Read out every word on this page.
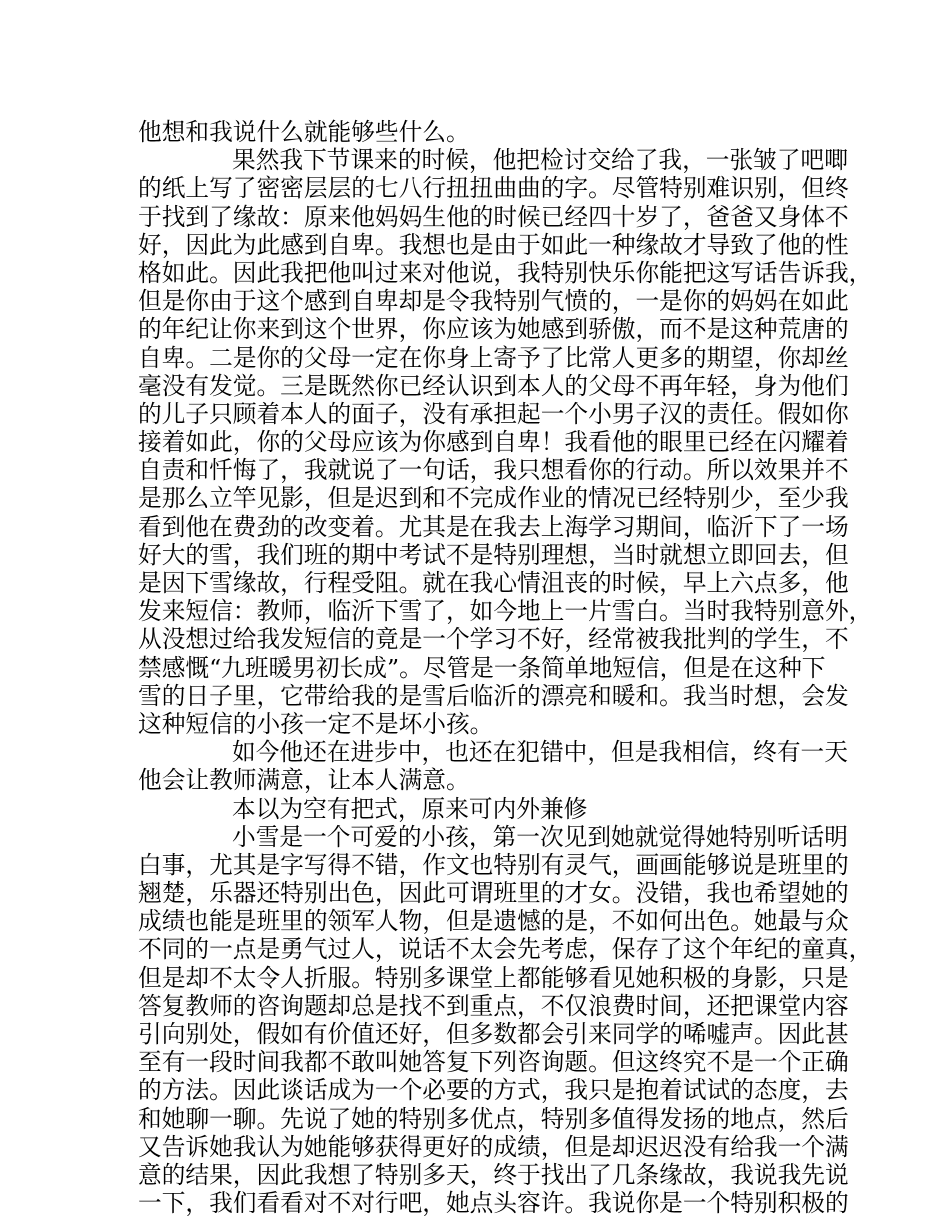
他想和我说什么就能够些什么。
果然我下节课来的时候，他把检讨交给了我，一张皱了吧唧
的纸上写了密密层层的七八行扭扭曲曲的字。尽管特别难识别，但终
于找到了缘故：原来他妈妈生他的时候已经四十岁了，爸爸又身体不
好，因此为此感到自卑。我想也是由于如此一种缘故才导致了他的性
格如此。因此我把他叫过来对他说，我特别快乐你能把这写话告诉我，
但是你由于这个感到自卑却是令我特别气愤的，一是你的妈妈在如此
的年纪让你来到这个世界，你应该为她感到骄傲，而不是这种荒唐的
自卑。二是你的父母一定在你身上寄予了比常人更多的期望，你却丝
毫没有发觉。三是既然你已经认识到本人的父母不再年轻，身为他们
的儿子只顾着本人的面子，没有承担起一个小男子汉的责任。假如你
接着如此，你的父母应该为你感到自卑！我看他的眼里已经在闪耀着
自责和忏悔了，我就说了一句话，我只想看你的行动。所以效果并不
是那么立竿见影，但是迟到和不完成作业的情况已经特别少，至少我
看到他在费劲的改变着。尤其是在我去上海学习期间，临沂下了一场
好大的雪，我们班的期中考试不是特别理想，当时就想立即回去，但
是因下雪缘故，行程受阻。就在我心情沮丧的时候，早上六点多，他
发来短信：教师，临沂下雪了，如今地上一片雪白。当时我特别意外，
从没想过给我发短信的竟是一个学习不好，经常被我批判的学生，不
禁感慨“九班暖男初长成”。尽管是一条简单地短信，但是在这种下
雪的日子里，它带给我的是雪后临沂的漂亮和暖和。我当时想，会发
这种短信的小孩一定不是坏小孩。
如今他还在进步中，也还在犯错中，但是我相信，终有一天
他会让教师满意，让本人满意。
本以为空有把式，原来可内外兼修
小雪是一个可爱的小孩，第一次见到她就觉得她特别听话明
白事，尤其是字写得不错，作文也特别有灵气，画画能够说是班里的
翘楚，乐器还特别出色，因此可谓班里的才女。没错，我也希望她的
成绩也能是班里的领军人物，但是遗憾的是，不如何出色。她最与众
不同的一点是勇气过人，说话不太会先考虑，保存了这个年纪的童真，
但是却不太令人折服。特别多课堂上都能够看见她积极的身影，只是
答复教师的咨询题却总是找不到重点，不仅浪费时间，还把课堂内容
引向别处，假如有价值还好，但多数都会引来同学的唏嘘声。因此甚
至有一段时间我都不敢叫她答复下列咨询题。但这终究不是一个正确
的方法。因此谈话成为一个必要的方式，我只是抱着试试的态度，去
和她聊一聊。先说了她的特别多优点，特别多值得发扬的地点，然后
又告诉她我认为她能够获得更好的成绩，但是却迟迟没有给我一个满
意的结果，因此我想了特别多天，终于找出了几条缘故，我说我先说
一下，我们看看对不对行吧，她点头容许。我说你是一个特别积极的
